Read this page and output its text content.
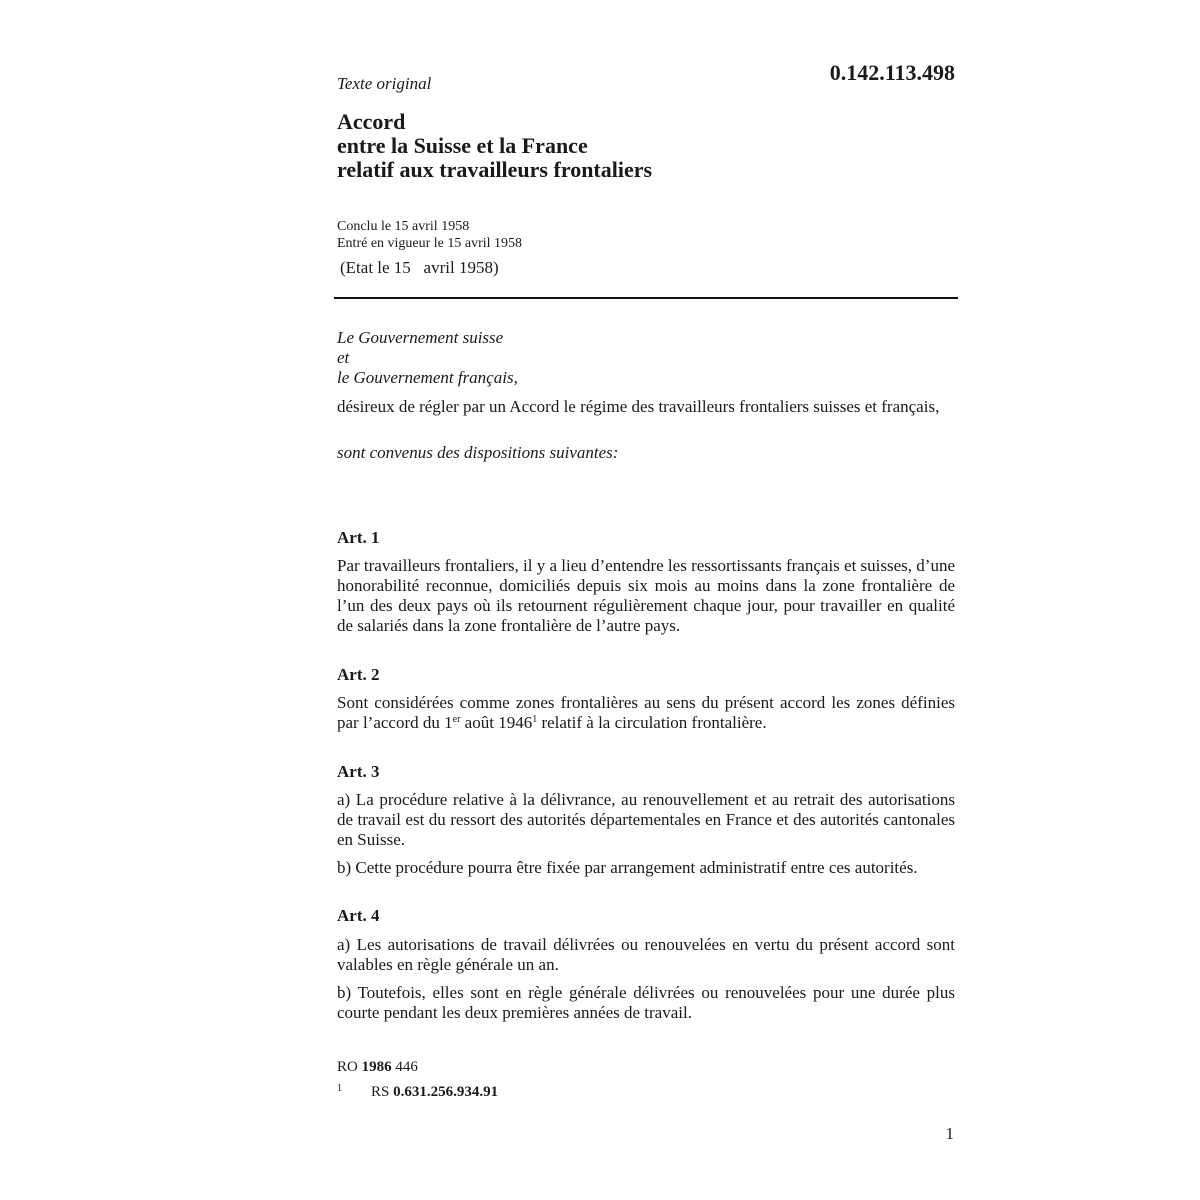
Texte original	0.142.113.498
Accord
entre la Suisse et la France
relatif aux travailleurs frontaliers
Conclu le 15 avril 1958
Entré en vigueur le 15 avril 1958
(Etat le 15   avril 1958)
Le Gouvernement suisse
et
le Gouvernement français,

désireux de régler par un Accord le régime des travailleurs frontaliers suisses et français,

sont convenus des dispositions suivantes:
Art. 1

Par travailleurs frontaliers, il y a lieu d’entendre les ressortissants français et suisses, d’une honorabilité reconnue, domiciliés depuis six mois au moins dans la zone frontalière de l’un des deux pays où ils retournent régulièrement chaque jour, pour travailler en qualité de salariés dans la zone frontalière de l’autre pays.

Art. 2

Sont considérées comme zones frontalières au sens du présent accord les zones définies par l’accord du 1er août 1946$^1$ relatif à la circulation frontalière.

Art. 3

a) La procédure relative à la délivrance, au renouvellement et au retrait des autorisations de travail est du ressort des autorités départementales en France et des autorités cantonales en Suisse.

b) Cette procédure pourra être fixée par arrangement administratif entre ces autorités.

Art. 4

a) Les autorisations de travail délivrées ou renouvelées en vertu du présent accord sont valables en règle générale un an.

b) Toutefois, elles sont en règle générale délivrées ou renouvelées pour une durée plus courte pendant les deux premières années de travail.

RO 1986 446
1 RS 0.631.256.934.91
1
